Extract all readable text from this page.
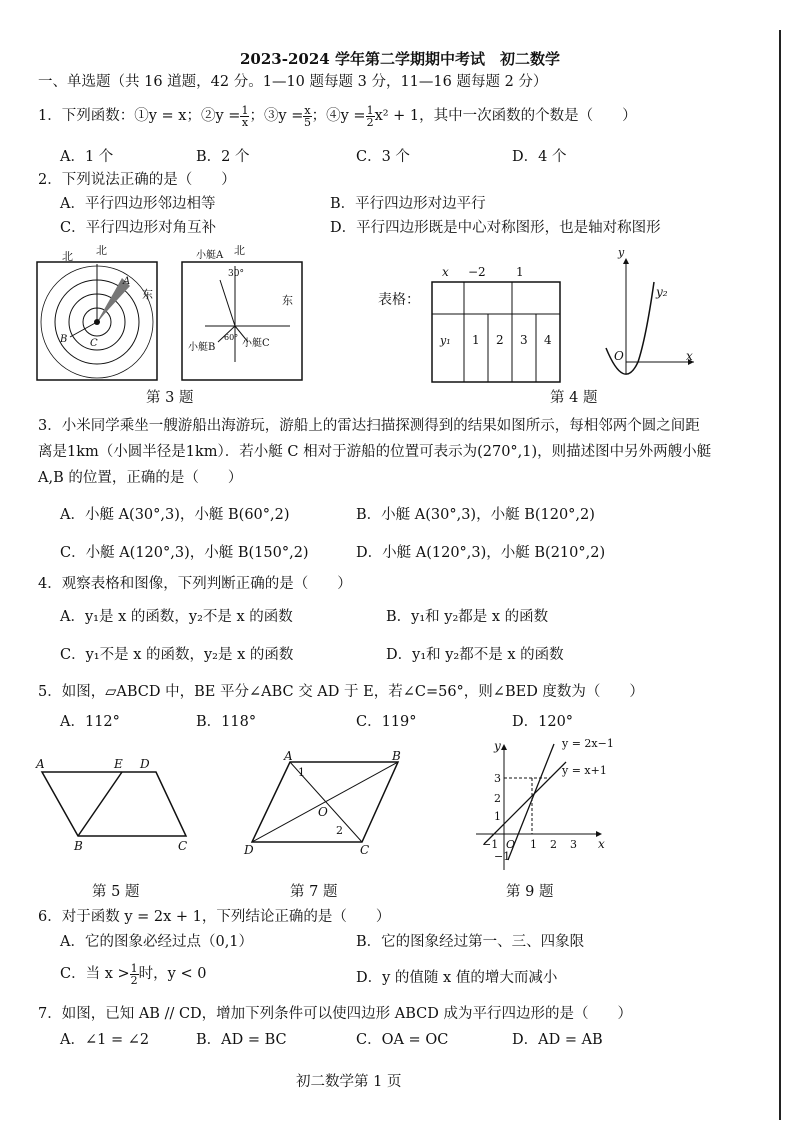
2023-2024 学年第二学期期中考试　初二数学
一、单选题（共 16 道题，42 分。1—10 题每题 3 分，11—16 题每题 2 分）
1．下列函数：①y = x；②y = $\frac{1}{x}$ ；③y = $\frac{x}{5}$ ；④y = $\frac{1}{2} x^2 + 1$，其中一次函数的个数是（　　）
A．1 个	B．2 个	C．3 个	D．4 个
2．下列说法正确的是（　　）
A．平行四边形邻边相等	B．平行四边形对边平行
C．平行四边形对角互补	D．平行四边形既是中心对称图形，也是轴对称图形
北 北
东
B C
A
小艇A 北
30°
东
60°
小艇B	小艇C
第 3 题
表格：
x −2	1
y₁ 1 2 3 4
y
y₂
O	x
第 4 题
3．小米同学乘坐一艘游船出海游玩，游船上的雷达扫描探测得到的结果如图所示，每相邻两个圆之间距
离是1km（小圆半径是1km）．若小艇 C 相对于游船的位置可表示为(270°,1)，则描述图中另外两艘小艇
A,B 的位置，正确的是（　　）
A．小艇 A(30°,3)，小艇 B(60°,2)	B．小艇 A(30°,3)，小艇 B(120°,2)
C．小艇 A(120°,3)，小艇 B(150°,2)	D．小艇 A(120°,3)，小艇 B(210°,2)
4．观察表格和图像，下列判断正确的是（　　）
A．y₁是 x 的函数，y₂不是 x 的函数	B．y₁和 y₂都是 x 的函数
C．y₁不是 x 的函数，y₂是 x 的函数	D．y₁和 y₂都不是 x 的函数
5．如图，▱ABCD 中，BE 平分∠ABC 交 AD 于 E，若∠C=56°，则∠BED 度数为（　　）
A．112°	B．118°	C．119°	D．120°
A	E D
B	C
第 5 题
A	B
C
D
O
1
2
第 7 题
y = 2x−1
y = x+1
y
x
O
3
2
1
−1
−1	1 2 3
第 9 题
6．对于函数 y = 2x + 1，下列结论正确的是（　　）
A．它的图象必经过点（0,1）	B．它的图象经过第一、三、四象限
C．当 $x > \frac{1}{2}$ 时，y < 0	D．y 的值随 x 值的增大而减小
7．如图，已知 AB // CD，增加下列条件可以使四边形 ABCD 成为平行四边形的是（　　）
A．∠1 = ∠2	B．AD = BC	C．OA = OC	D．AD = AB
初二数学第 1 页
